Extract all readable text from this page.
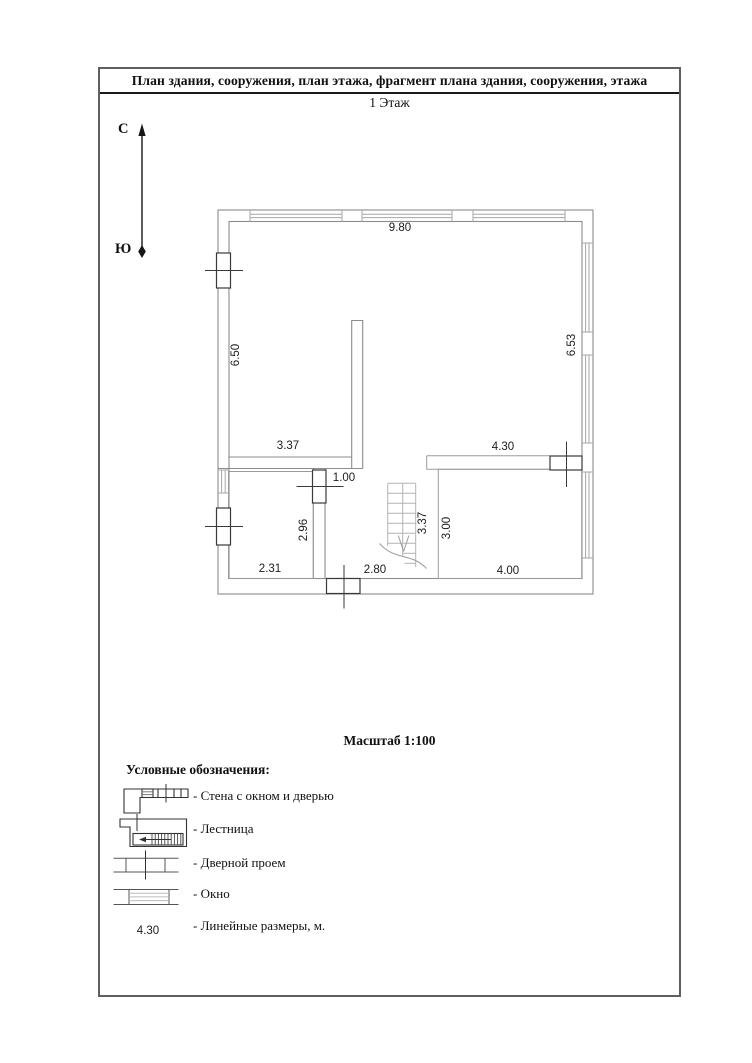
План здания, сооружения, план этажа, фрагмент плана здания, сооружения, этажа
1 Этаж
С
Ю
9.80
6.50	6.53
3.37	4.30
1.00
2.96	3.37 3.00
2.31	2.80	4.00
Масштаб 1:100
Условные обозначения:
- Стена с окном и дверью
- Лестница
- Дверной проем
- Окно
- Линейные размеры, м.
4.30
